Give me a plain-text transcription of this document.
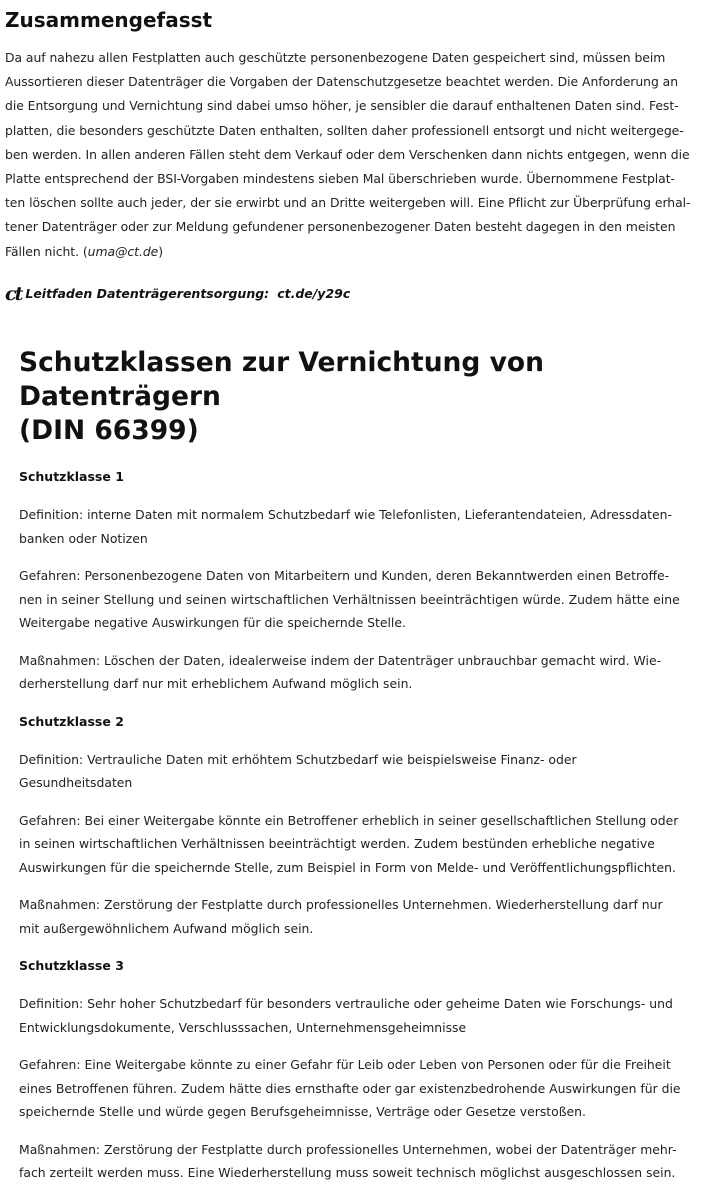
Zusammengefasst

Da auf nahezu allen Festplatten auch geschützte personenbezogene Daten gespeichert sind, müssen beim
Aussortieren dieser Datenträger die Vorgaben der Datenschutzgesetze beachtet werden. Die Anforderung an
die Entsorgung und Vernichtung sind dabei umso höher, je sensibler die darauf enthaltenen Daten sind. Fest-
platten, die besonders geschützte Daten enthalten, sollten daher professionell entsorgt und nicht weitergege-
ben werden. In allen anderen Fällen steht dem Verkauf oder dem Verschenken dann nichts entgegen, wenn die
Platte entsprechend der BSI-Vorgaben mindestens sieben Mal überschrieben wurde. Übernommene Festplat-
ten löschen sollte auch jeder, der sie erwirbt und an Dritte weitergeben will. Eine Pflicht zur Überprüfung erhal-
tener Datenträger oder zur Meldung gefundener personenbezogener Daten besteht dagegen in den meisten
Fällen nicht. (uma@ct.de)

ct Leitfaden Datenträgerentsorgung: ct.de/y29c
Schutzklassen zur Vernichtung von Datenträgern
(DIN 66399)
Schutzklasse 1

Definition: interne Daten mit normalem Schutzbedarf wie Telefonlisten, Lieferantendateien, Adressdaten-
banken oder Notizen

Gefahren: Personenbezogene Daten von Mitarbeitern und Kunden, deren Bekanntwerden einen Betroffe-
nen in seiner Stellung und seinen wirtschaftlichen Verhältnissen beeinträchtigen würde. Zudem hätte eine
Weitergabe negative Auswirkungen für die speichernde Stelle.

Maßnahmen: Löschen der Daten, idealerweise indem der Datenträger unbrauchbar gemacht wird. Wie-
derherstellung darf nur mit erheblichem Aufwand möglich sein.

Schutzklasse 2

Definition: Vertrauliche Daten mit erhöhtem Schutzbedarf wie beispielsweise Finanz- oder
Gesundheitsdaten

Gefahren: Bei einer Weitergabe könnte ein Betroffener erheblich in seiner gesellschaftlichen Stellung oder
in seinen wirtschaftlichen Verhältnissen beeinträchtigt werden. Zudem bestünden erhebliche negative
Auswirkungen für die speichernde Stelle, zum Beispiel in Form von Melde- und Veröffentlichungspflichten.

Maßnahmen: Zerstörung der Festplatte durch professionelles Unternehmen. Wiederherstellung darf nur
mit außergewöhnlichem Aufwand möglich sein.

Schutzklasse 3

Definition: Sehr hoher Schutzbedarf für besonders vertrauliche oder geheime Daten wie Forschungs- und
Entwicklungsdokumente, Verschlusssachen, Unternehmensgeheimnisse

Gefahren: Eine Weitergabe könnte zu einer Gefahr für Leib oder Leben von Personen oder für die Freiheit
eines Betroffenen führen. Zudem hätte dies ernsthafte oder gar existenzbedrohende Auswirkungen für die
speichernde Stelle und würde gegen Berufsgeheimnisse, Verträge oder Gesetze verstoßen.

Maßnahmen: Zerstörung der Festplatte durch professionelles Unternehmen, wobei der Datenträger mehr-
fach zerteilt werden muss. Eine Wiederherstellung muss soweit technisch möglichst ausgeschlossen sein.
